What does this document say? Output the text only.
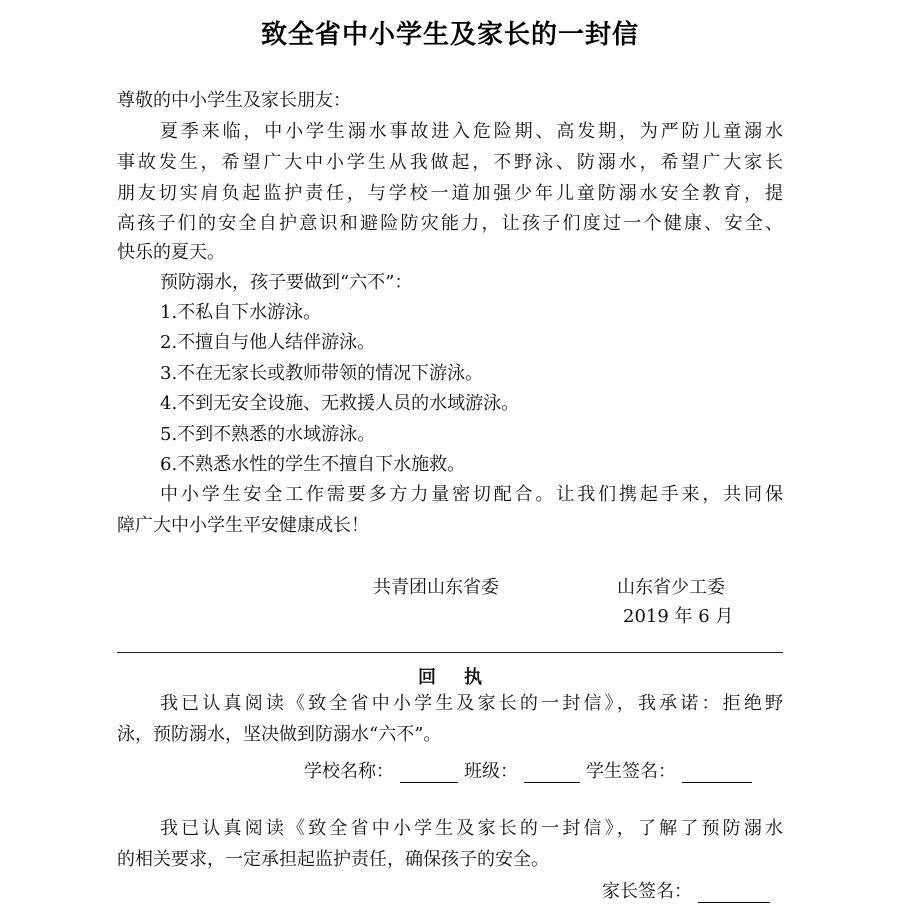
致全省中小学生及家长的一封信
尊敬的中小学生及家长朋友：
夏季来临，中小学生溺水事故进入危险期、高发期，为严防儿童溺水
事故发生，希望广大中小学生从我做起，不野泳、防溺水，希望广大家长
朋友切实肩负起监护责任，与学校一道加强少年儿童防溺水安全教育，提
高孩子们的安全自护意识和避险防灾能力，让孩子们度过一个健康、安全、
快乐的夏天。
预防溺水，孩子要做到“六不”：
1.不私自下水游泳。
2.不擅自与他人结伴游泳。
3.不在无家长或教师带领的情况下游泳。
4.不到无安全设施、无救援人员的水域游泳。
5.不到不熟悉的水域游泳。
6.不熟悉水性的学生不擅自下水施救。
中小学生安全工作需要多方力量密切配合。让我们携起手来，共同保
障广大中小学生平安健康成长！
共青团山东省委	山东省少工委
2019 年 6 月
回执
我已认真阅读《致全省中小学生及家长的一封信》，我承诺：拒绝野
泳，预防溺水，坚决做到防溺水“六不”。
学校名称：	班级：	学生签名：
我已认真阅读《致全省中小学生及家长的一封信》，了解了预防溺水
的相关要求，一定承担起监护责任，确保孩子的安全。
家长签名：
